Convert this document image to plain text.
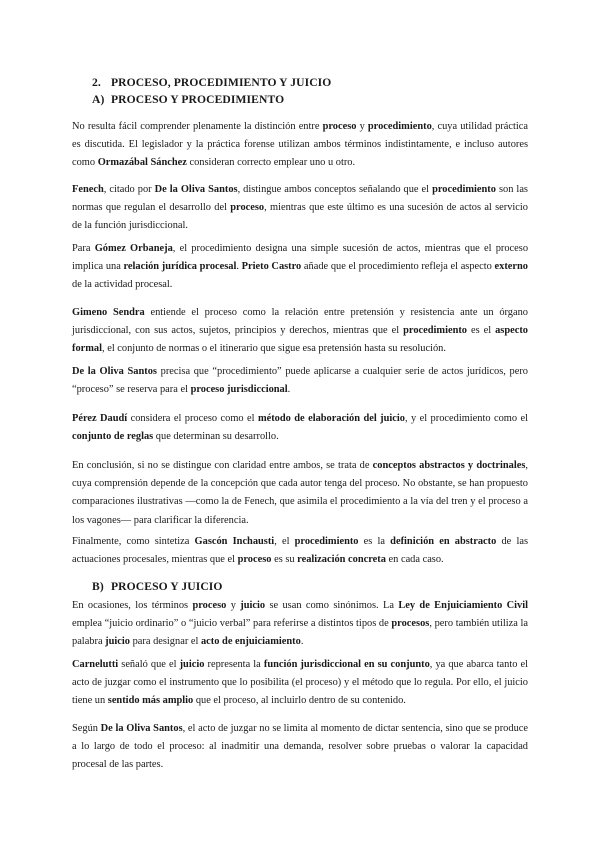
2. PROCESO, PROCEDIMIENTO Y JUICIO
A) PROCESO Y PROCEDIMIENTO

No resulta fácil comprender plenamente la distinción entre proceso y procedimiento, cuya utilidad práctica es discutida. El legislador y la práctica forense utilizan ambos términos indistintamente, e incluso autores como Ormazábal Sánchez consideran correcto emplear uno u otro.

Fenech, citado por De la Oliva Santos, distingue ambos conceptos señalando que el procedimiento son las normas que regulan el desarrollo del proceso, mientras que este último es una sucesión de actos al servicio de la función jurisdiccional.

Para Gómez Orbaneja, el procedimiento designa una simple sucesión de actos, mientras que el proceso implica una relación jurídica procesal. Prieto Castro añade que el procedimiento refleja el aspecto externo de la actividad procesal.

Gimeno Sendra entiende el proceso como la relación entre pretensión y resistencia ante un órgano jurisdiccional, con sus actos, sujetos, principios y derechos, mientras que el procedimiento es el aspecto formal, el conjunto de normas o el itinerario que sigue esa pretensión hasta su resolución.

De la Oliva Santos precisa que “procedimiento” puede aplicarse a cualquier serie de actos jurídicos, pero “proceso” se reserva para el proceso jurisdiccional.

Pérez Daudí considera el proceso como el método de elaboración del juicio, y el procedimiento como el conjunto de reglas que determinan su desarrollo.

En conclusión, si no se distingue con claridad entre ambos, se trata de conceptos abstractos y doctrinales, cuya comprensión depende de la concepción que cada autor tenga del proceso. No obstante, se han propuesto comparaciones ilustrativas —como la de Fenech, que asimila el procedimiento a la vía del tren y el proceso a los vagones— para clarificar la diferencia.

Finalmente, como sintetiza Gascón Inchausti, el procedimiento es la definición en abstracto de las actuaciones procesales, mientras que el proceso es su realización concreta en cada caso.

B) PROCESO Y JUICIO

En ocasiones, los términos proceso y juicio se usan como sinónimos. La Ley de Enjuiciamiento Civil emplea “juicio ordinario” o “juicio verbal” para referirse a distintos tipos de procesos, pero también utiliza la palabra juicio para designar el acto de enjuiciamiento.

Carnelutti señaló que el juicio representa la función jurisdiccional en su conjunto, ya que abarca tanto el acto de juzgar como el instrumento que lo posibilita (el proceso) y el método que lo regula. Por ello, el juicio tiene un sentido más amplio que el proceso, al incluirlo dentro de su contenido.

Según De la Oliva Santos, el acto de juzgar no se limita al momento de dictar sentencia, sino que se produce a lo largo de todo el proceso: al inadmitir una demanda, resolver sobre pruebas o valorar la capacidad procesal de las partes.
